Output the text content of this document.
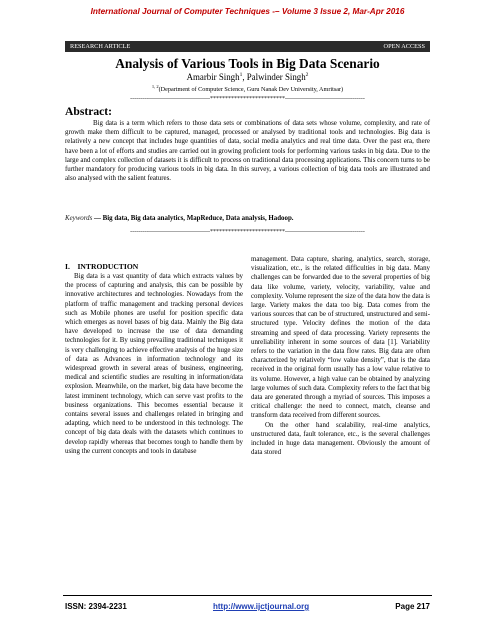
International Journal of Computer Techniques -– Volume 3 Issue 2, Mar-Apr 2016
RESEARCH ARTICLE	OPEN ACCESS
Analysis of Various Tools in Big Data Scenario
Amarbir Singh$^1$, Palwinder Singh$^2$
$^{1, 2}$(Department of Computer Science, Guru Nanak Dev University, Amritsar)
----------------------------------------*************************----------------------------------------
Abstract:

Big data is a term which refers to those data sets or combinations of data sets whose volume, complexity, and rate of growth make them difficult to be captured, managed, processed or analysed by traditional tools and technologies. Big data is relatively a new concept that includes huge quantities of data, social media analytics and real time data. Over the past era, there have been a lot of efforts and studies are carried out in growing proficient tools for performing various tasks in big data. Due to the large and complex collection of datasets it is difficult to process on traditional data processing applications. This concern turns to be further mandatory for producing various tools in big data. In this survey, a various collection of big data tools are illustrated and also analysed with the salient features.

Keywords — Big data, Big data analytics, MapReduce, Data analysis, Hadoop.
----------------------------------------*************************----------------------------------------
I. INTRODUCTION

Big data is a vast quantity of data which extracts values by the process of capturing and analysis, this can be possible by innovative architectures and technologies. Nowadays from the platform of traffic management and tracking personal devices such as Mobile phones are useful for position specific data which emerges as novel bases of big data. Mainly the Big data have developed to increase the use of data demanding technologies for it. By using prevailing traditional techniques it is very challenging to achieve effective analysis of the huge size of data as Advances in information technology and its widespread growth in several areas of business, engineering, medical and scientific studies are resulting in information/data explosion. Meanwhile, on the market, big data have become the latest imminent technology, which can serve vast profits to the business organizations. This becomes essential because it contains several issues and challenges related in bringing and adapting, which need to be understood in this technology. The concept of big data deals with the datasets which continues to develop rapidly whereas that becomes tough to handle them by using the current concepts and tools in database

management. Data capture, sharing, analytics, search, storage, visualization, etc., is the related difficulties in big data. Many challenges can be forwarded due to the several properties of big data like volume, variety, velocity, variability, value and complexity. Volume represent the size of the data how the data is large. Variety makes the data too big. Data comes from the various sources that can be of structured, unstructured and semi-structured type. Velocity defines the motion of the data streaming and speed of data processing. Variety represents the unreliability inherent in some sources of data [1]. Variability refers to the variation in the data flow rates. Big data are often characterized by relatively “low value density”, that is the data received in the original form usually has a low value relative to its volume. However, a high value can be obtained by analyzing large volumes of such data. Complexity refers to the fact that big data are generated through a myriad of sources. This imposes a critical challenge: the need to connect, match, cleanse and transform data received from different sources.

On the other hand scalability, real-time analytics, unstructured data, fault tolerance, etc., is the several challenges included in huge data management. Obviously the amount of data stored

ISSN: 2394-2231	http://www.ijctjournal.org	Page 217
